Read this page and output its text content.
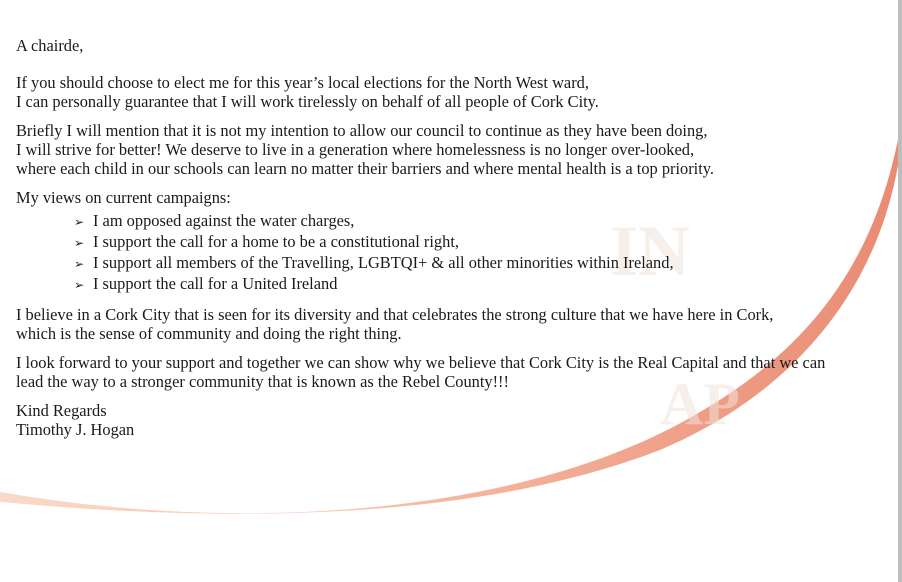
IN
AP

A chairde,

If you should choose to elect me for this year’s local elections for the North West ward,
I can personally guarantee that I will work tirelessly on behalf of all people of Cork City.

Briefly I will mention that it is not my intention to allow our council to continue as they have been doing,
I will strive for better! We deserve to live in a generation where homelessness is no longer over-looked,
where each child in our schools can learn no matter their barriers and where mental health is a top priority.

My views on current campaigns:

➢ I am opposed against the water charges,
➢ I support the call for a home to be a constitutional right,
➢ I support all members of the Travelling, LGBTQI+ & all other minorities within Ireland,
➢ I support the call for a United Ireland

I believe in a Cork City that is seen for its diversity and that celebrates the strong culture that we have here in Cork,
which is the sense of community and doing the right thing.

I look forward to your support and together we can show why we believe that Cork City is the Real Capital and that we can
lead the way to a stronger community that is known as the Rebel County!!!

Kind Regards

Timothy J. Hogan
